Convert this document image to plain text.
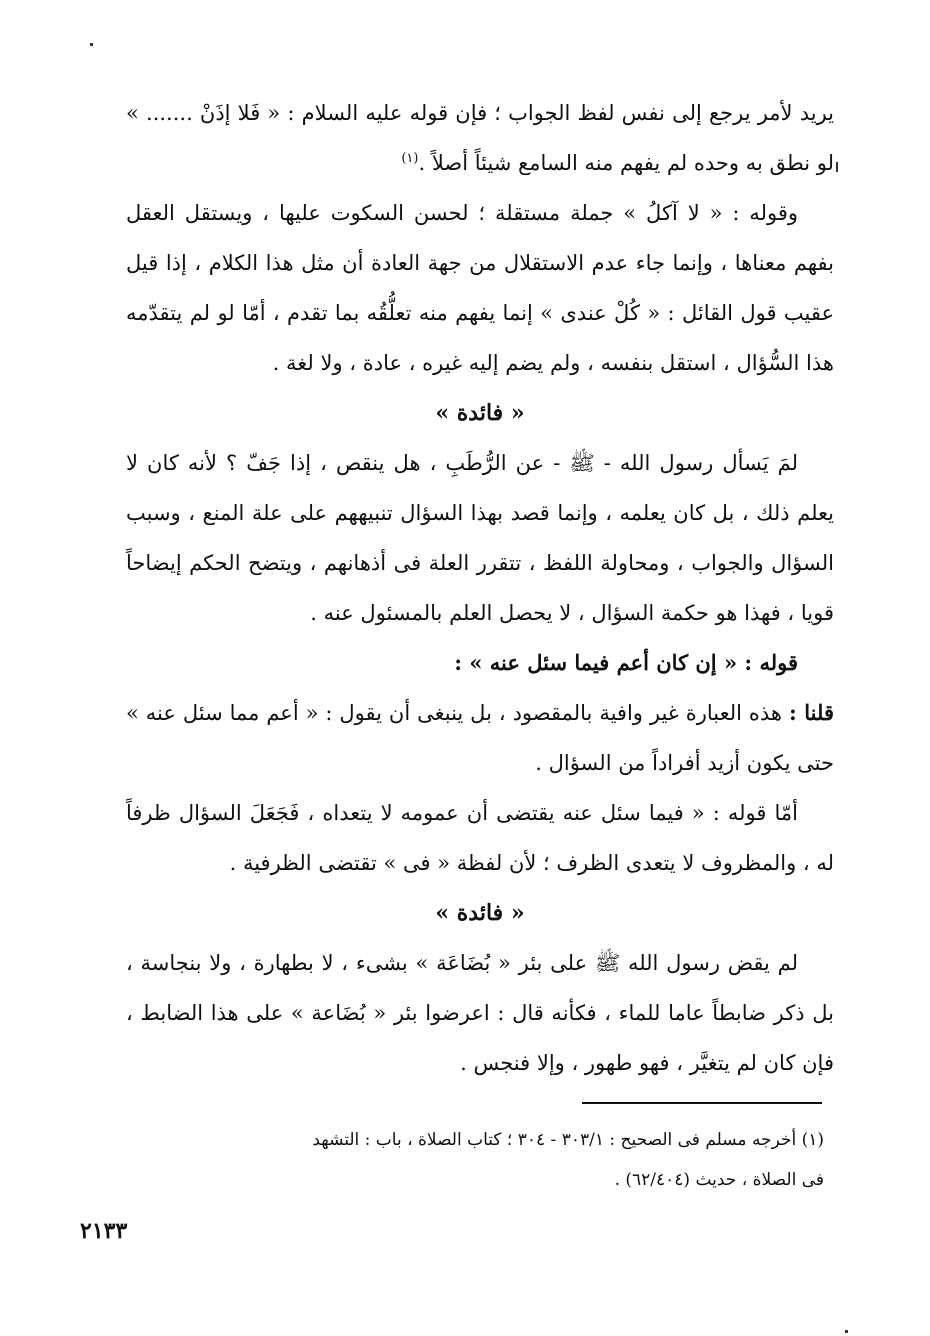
يريد لأمر يرجع إلى نفس لفظ الجواب ؛ فإن قوله عليه السلام : « فَلا إذَنْ ....... » لو نطق به وحده لم يفهم منه السامع شيئاً أصلاً .$^{(١)}$

وقوله : « لا آكلُ » جملة مستقلة ؛ لحسن السكوت عليها ، ويستقل العقل بفهم معناها ، وإنما جاء عدم الاستقلال من جهة العادة أن مثل هذا الكلام ، إذا قيل عقيب قول القائل : « كُلْ عندى » إنما يفهم منه تعلُّقُه بما تقدم ، أمّا لو لم يتقدّمه هذا السُّؤال ، استقل بنفسه ، ولم يضم إليه غيره ، عادة ، ولا لغة .

« فائدة »

لمَ يَسأل رسول الله - ﷺ - عن الرُّطَبِ ، هل ينقص ، إذا جَفّ ؟ لأنه كان لا يعلم ذلك ، بل كان يعلمه ، وإنما قصد بهذا السؤال تنبيههم على علة المنع ، وسبب السؤال والجواب ، ومحاولة اللفظ ، تتقرر العلة فى أذهانهم ، ويتضح الحكم إيضاحاً قويا ، فهذا هو حكمة السؤال ، لا يحصل العلم بالمسئول عنه .

قوله : « إن كان أعم فيما سئل عنه » :

قلنا : هذه العبارة غير وافية بالمقصود ، بل ينبغى أن يقول : « أعم مما سئل عنه » حتى يكون أزيد أفراداً من السؤال .

أمّا قوله : « فيما سئل عنه يقتضى أن عمومه لا يتعداه ، فَجَعَلَ السؤال ظرفاً له ، والمظروف لا يتعدى الظرف ؛ لأن لفظة « فى » تقتضى الظرفية .

« فائدة »

لم يقض رسول الله ﷺ على بئر « بُضَاعَة » بشىء ، لا بطهارة ، ولا بنجاسة ، بل ذكر ضابطاً عاما للماء ، فكأنه قال : اعرضوا بئر « بُضَاعة » على هذا الضابط ، فإن كان لم يتغيَّر ، فهو طهور ، وإلا فنجس .

(١) أخرجه مسلم فى الصحيح : ٣٠٣/١ - ٣٠٤ ؛ كتاب الصلاة ، باب : التشهد

فى الصلاة ، حديث (٦٢/٤٠٤) .

٢١٣٣
